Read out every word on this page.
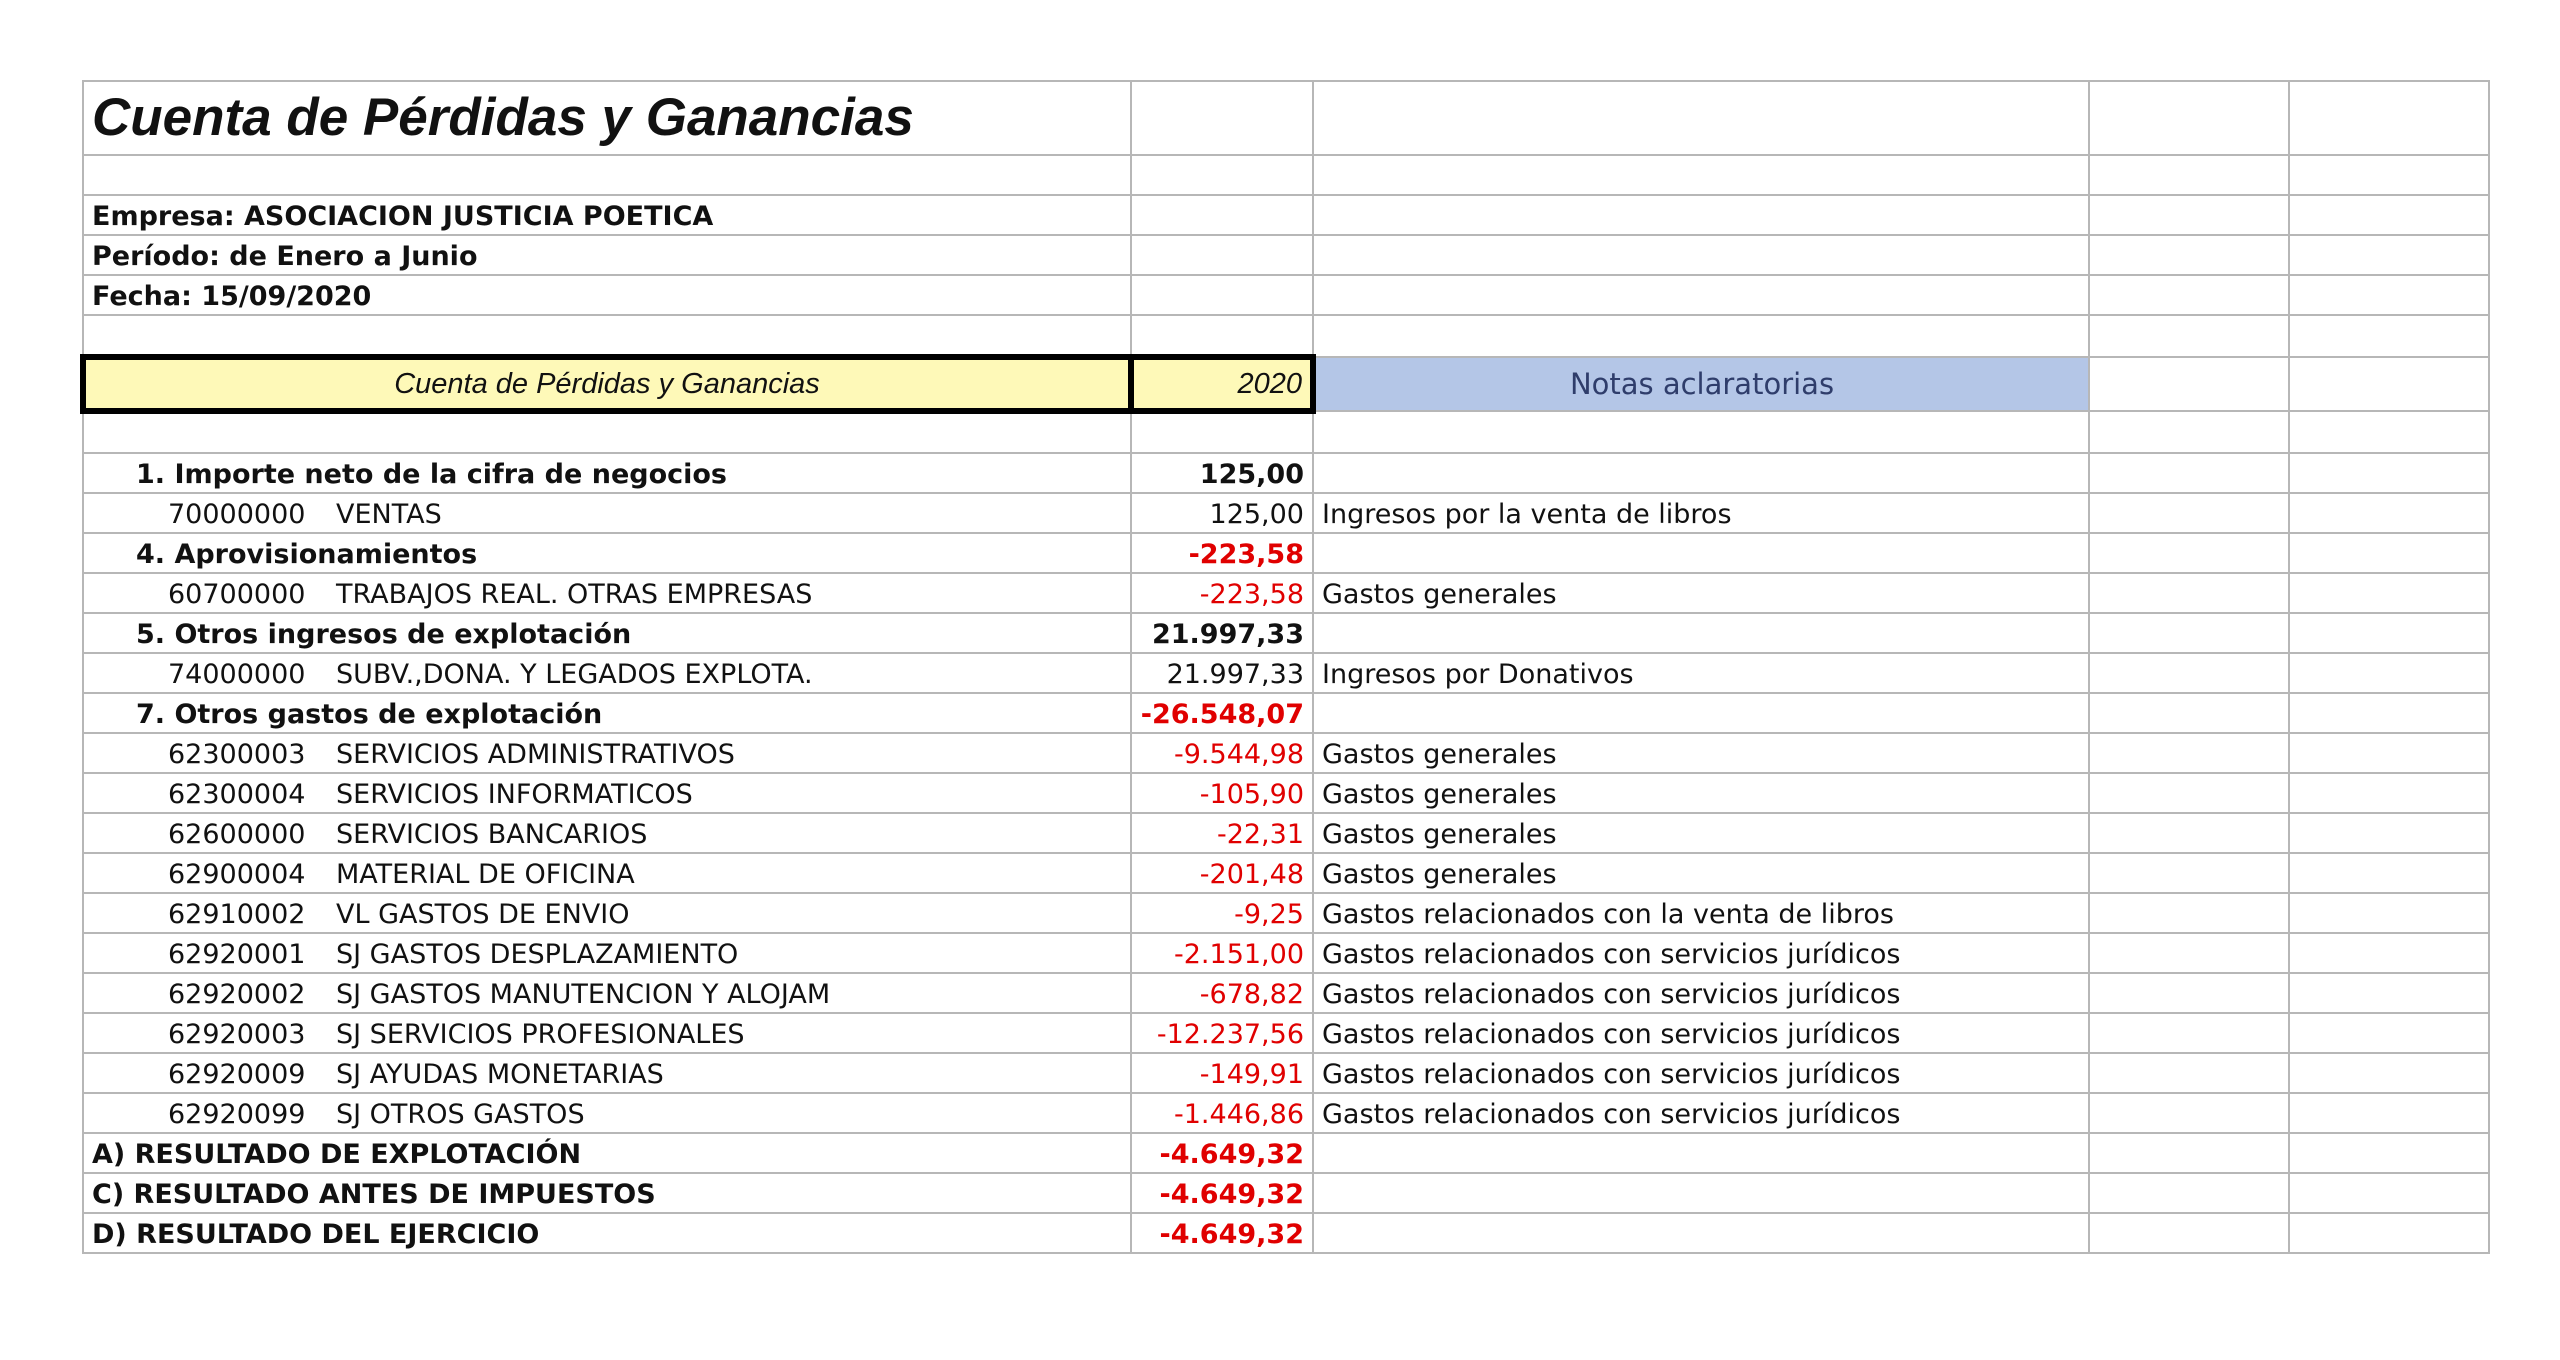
Cuenta de Pérdidas y Ganancias				

Empresa: ASOCIACION JUSTICIA POETICA				
Período: de Enero a Junio				
Fecha: 15/09/2020				

Cuenta de Pérdidas y Ganancias	2020	Notas aclaratorias		

1. Importe neto de la cifra de negocios	125,00			
70000000 VENTAS	125,00	Ingresos por la venta de libros		
4. Aprovisionamientos	-223,58			
60700000 TRABAJOS REAL. OTRAS EMPRESAS	-223,58	Gastos generales		
5. Otros ingresos de explotación	21.997,33			
74000000 SUBV.,DONA. Y LEGADOS EXPLOTA.	21.997,33	Ingresos por Donativos		
7. Otros gastos de explotación	-26.548,07			
62300003 SERVICIOS ADMINISTRATIVOS	-9.544,98	Gastos generales		
62300004 SERVICIOS INFORMATICOS	-105,90	Gastos generales		
62600000 SERVICIOS BANCARIOS	-22,31	Gastos generales		
62900004 MATERIAL DE OFICINA	-201,48	Gastos generales		
62910002 VL GASTOS DE ENVIO	-9,25	Gastos relacionados con la venta de libros		
62920001 SJ GASTOS DESPLAZAMIENTO	-2.151,00	Gastos relacionados con servicios jurídicos		
62920002 SJ GASTOS MANUTENCION Y ALOJAM	-678,82	Gastos relacionados con servicios jurídicos		
62920003 SJ SERVICIOS PROFESIONALES	-12.237,56	Gastos relacionados con servicios jurídicos		
62920009 SJ AYUDAS MONETARIAS	-149,91	Gastos relacionados con servicios jurídicos		
62920099 SJ OTROS GASTOS	-1.446,86	Gastos relacionados con servicios jurídicos		
A) RESULTADO DE EXPLOTACIÓN	-4.649,32			
C) RESULTADO ANTES DE IMPUESTOS	-4.649,32			
D) RESULTADO DEL EJERCICIO	-4.649,32			
